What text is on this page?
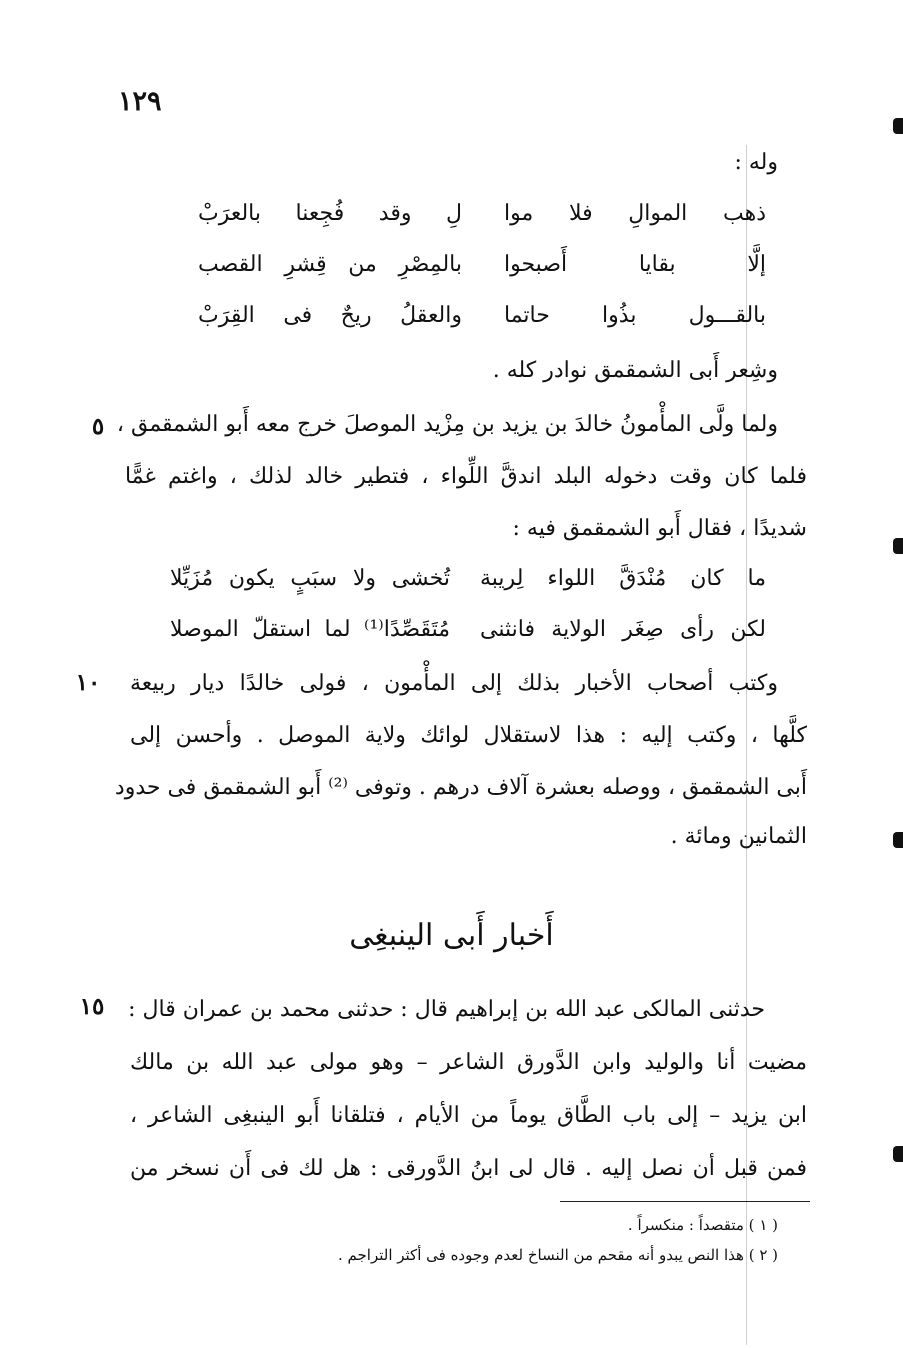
١٢٩
٥
١٠
١٥
وله :
ذهب الموالِ فلا موا
لِ وقد فُجِعنا بالعرَبْ
إلَّا بقايا أَصبحوا
بالمِصْرِ من قِشرِ القصب
بالقـــول بذُوا حاتما
والعقلُ ريحٌ فى القِرَبْ
وشِعر أَبى الشمقمق نوادر كله .
ولما ولَّى المأْمونُ خالدَ بن يزيد بن مِزْيد الموصلَ خرج معه أَبو الشمقمق ،
فلما كان وقت دخوله البلد اندقَّ اللِّواء ، فتطير خالد لذلك ، واغتم غمًّا
شديدًا ، فقال أَبو الشمقمق فيه :
ما كان مُنْدَقَّ اللواء لِريبة
تُخشى ولا سبَبٍ يكون مُزَيِّلا
لكن رأى صِغَر الولاية فانثنى
مُتَقَصِّدًا⁽¹⁾ لما استقلّ الموصلا
وكتب أصحاب الأخبار بذلك إلى المأْمون ، فولى خالدًا ديار ربيعة
كلَّها ، وكتب إليه : هذا لاستقلال لوائك ولاية الموصل . وأحسن إلى
أَبى الشمقمق ، ووصله بعشرة آلاف درهم . وتوفى ⁽²⁾ أَبو الشمقمق فى حدود
الثمانين ومائة .
أَخبار أَبى الينبغِى
حدثنى المالكى عبد الله بن إبراهيم قال : حدثنى محمد بن عمران قال :
مضيت أنا والوليد وابن الدَّورق الشاعر – وهو مولى عبد الله بن مالك
ابن يزيد – إلى باب الطَّاق يوماً من الأيام ، فتلقانا أَبو الينبغِى الشاعر ،
فمن قبل أن نصل إليه . قال لى ابنُ الدَّورقى : هل لك فى أَن نسخر من
( ١ ) متقصداً : منكسراً .
( ٢ ) هذا النص يبدو أنه مقحم من النساخ لعدم وجوده فى أكثر التراجم .
